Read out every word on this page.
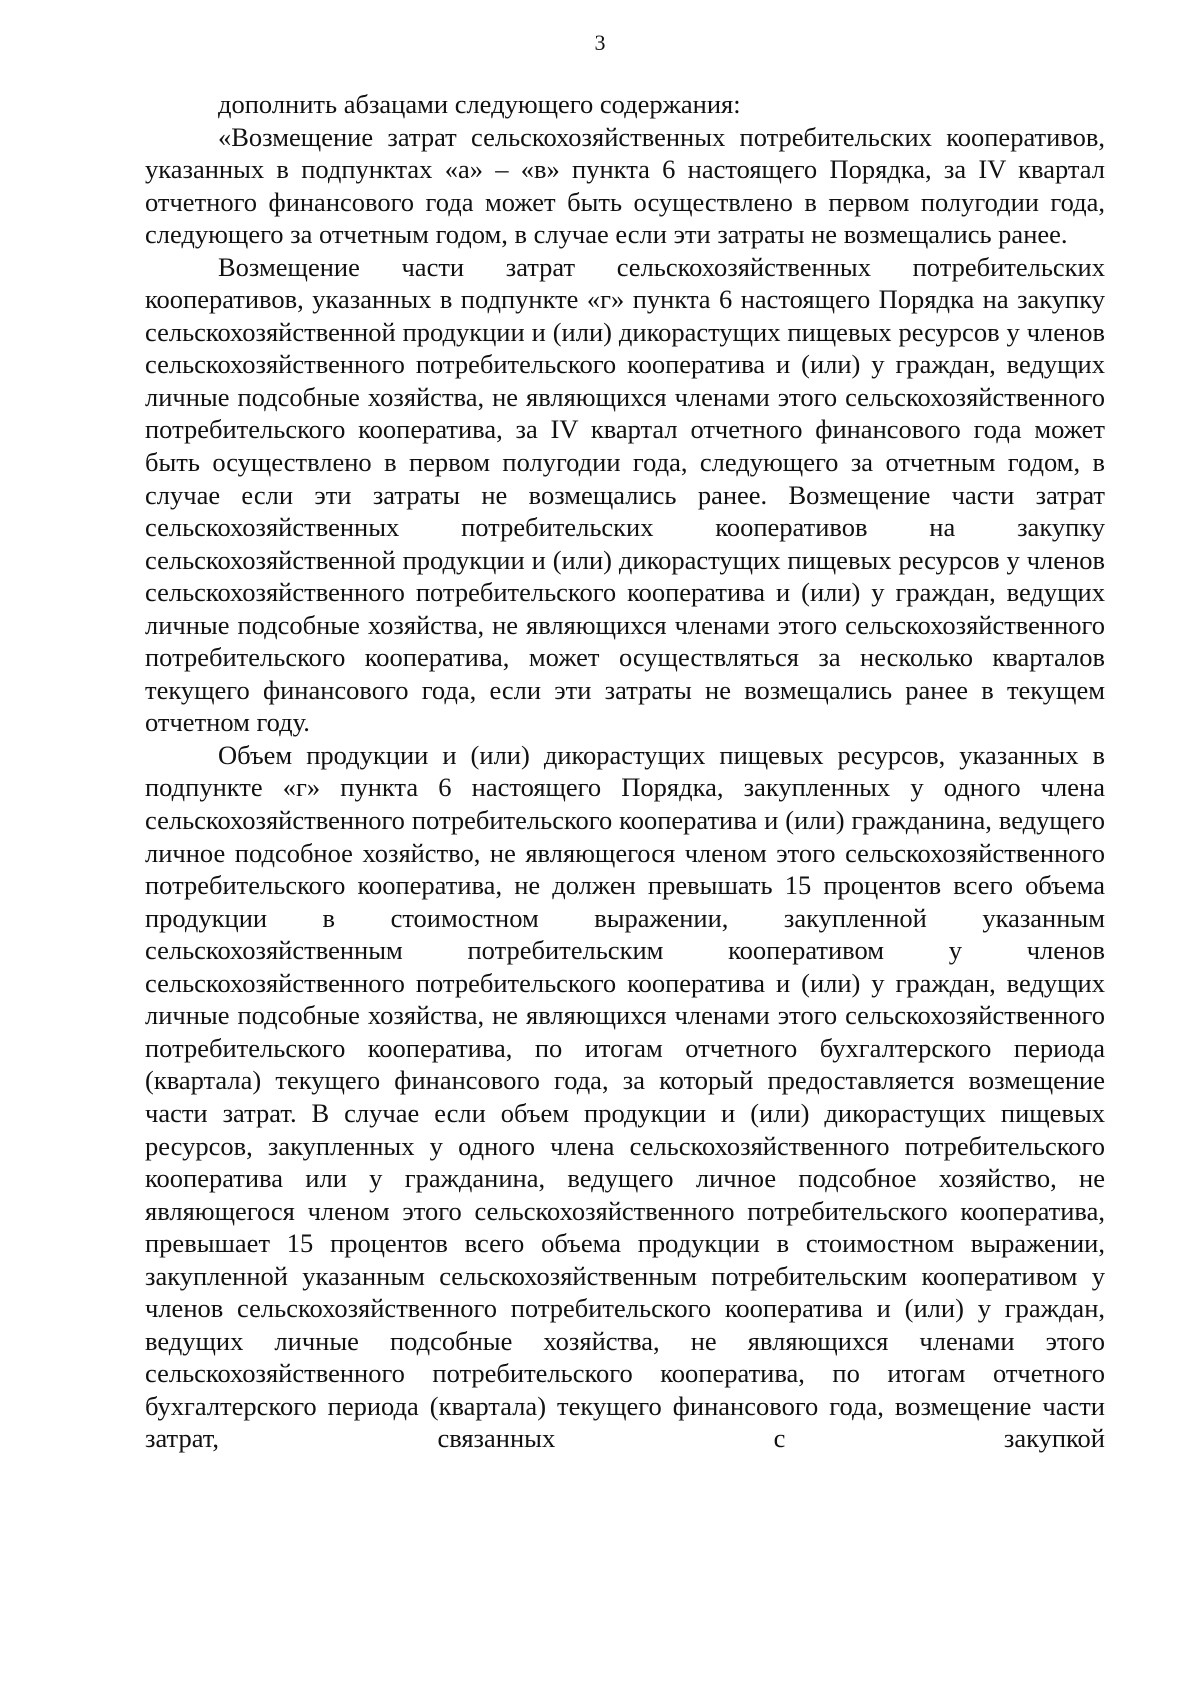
3

дополнить абзацами следующего содержания:

«Возмещение затрат сельскохозяйственных потребительских кооперативов, указанных в подпунктах «а» – «в» пункта 6 настоящего Порядка, за IV квартал отчетного финансового года может быть осуществлено в первом полугодии года, следующего за отчетным годом, в случае если эти затраты не возмещались ранее.

Возмещение части затрат сельскохозяйственных потребительских кооперативов, указанных в подпункте «г» пункта 6 настоящего Порядка на закупку сельскохозяйственной продукции и (или) дикорастущих пищевых ресурсов у членов сельскохозяйственного потребительского кооператива и (или) у граждан, ведущих личные подсобные хозяйства, не являющихся членами этого сельскохозяйственного потребительского кооператива, за IV квартал отчетного финансового года может быть осуществлено в первом полугодии года, следующего за отчетным годом, в случае если эти затраты не возмещались ранее. Возмещение части затрат сельскохозяйственных потребительских кооперативов на закупку сельскохозяйственной продукции и (или) дикорастущих пищевых ресурсов у членов сельскохозяйственного потребительского кооператива и (или) у граждан, ведущих личные подсобные хозяйства, не являющихся членами этого сельскохозяйственного потребительского кооператива, может осуществляться за несколько кварталов текущего финансового года, если эти затраты не возмещались ранее в текущем отчетном году.

Объем продукции и (или) дикорастущих пищевых ресурсов, указанных в подпункте «г» пункта 6 настоящего Порядка, закупленных у одного члена сельскохозяйственного потребительского кооператива и (или) гражданина, ведущего личное подсобное хозяйство, не являющегося членом этого сельскохозяйственного потребительского кооператива, не должен превышать 15 процентов всего объема продукции в стоимостном выражении, закупленной указанным сельскохозяйственным потребительским кооперативом у членов сельскохозяйственного потребительского кооператива и (или) у граждан, ведущих личные подсобные хозяйства, не являющихся членами этого сельскохозяйственного потребительского кооператива, по итогам отчетного бухгалтерского периода (квартала) текущего финансового года, за который предоставляется возмещение части затрат. В случае если объем продукции и (или) дикорастущих пищевых ресурсов, закупленных у одного члена сельскохозяйственного потребительского кооператива или у гражданина, ведущего личное подсобное хозяйство, не являющегося членом этого сельскохозяйственного потребительского кооператива, превышает 15 процентов всего объема продукции в стоимостном выражении, закупленной указанным сельскохозяйственным потребительским кооперативом у членов сельскохозяйственного потребительского кооператива и (или) у граждан, ведущих личные подсобные хозяйства, не являющихся членами этого сельскохозяйственного потребительского кооператива, по итогам отчетного бухгалтерского периода (квартала) текущего финансового года, возмещение части затрат, связанных с закупкой
